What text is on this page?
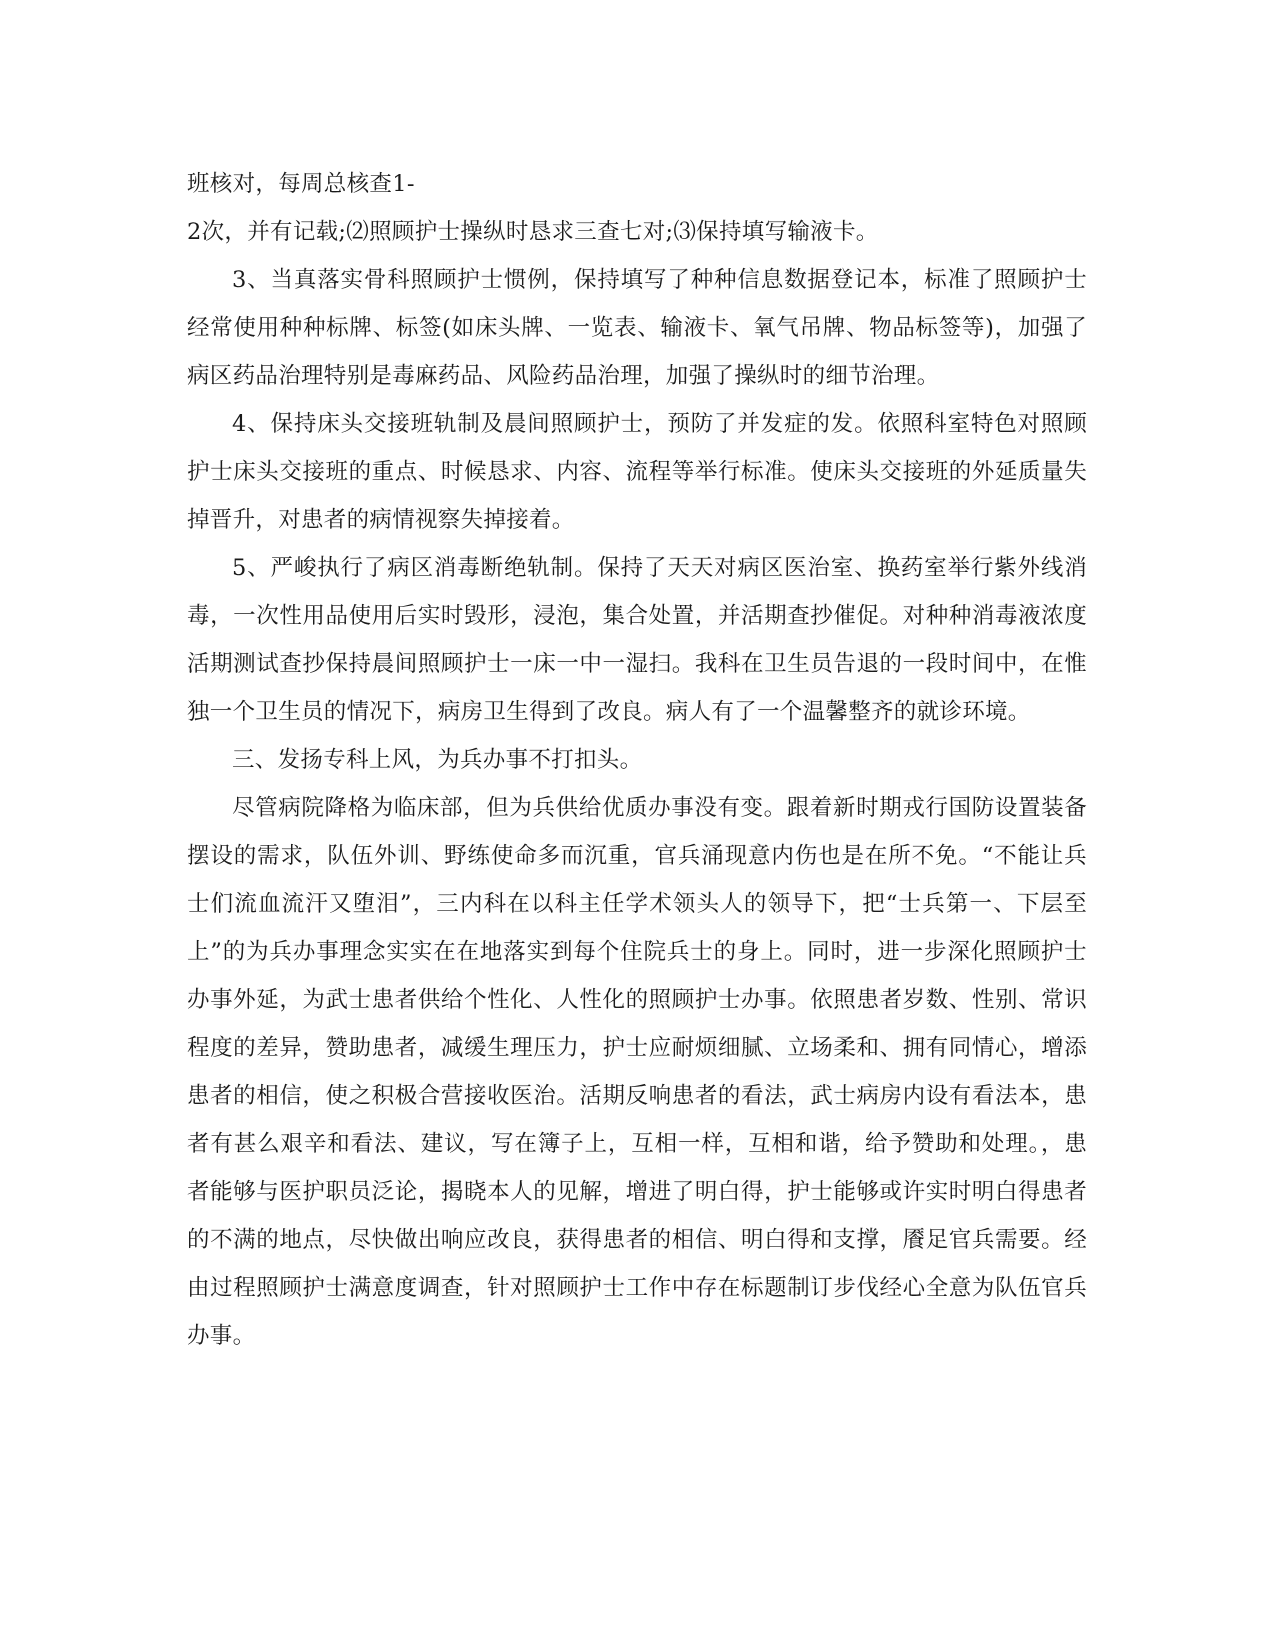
班核对，每周总核查1-

2次，并有记载;⑵照顾护士操纵时恳求三查七对;⑶保持填写输液卡。

3、当真落实骨科照顾护士惯例，保持填写了种种信息数据登记本，标准了照顾护士经常使用种种标牌、标签(如床头牌、一览表、输液卡、氧气吊牌、物品标签等)，加强了病区药品治理特别是毒麻药品、风险药品治理，加强了操纵时的细节治理。

4、保持床头交接班轨制及晨间照顾护士，预防了并发症的发。依照科室特色对照顾护士床头交接班的重点、时候恳求、内容、流程等举行标准。使床头交接班的外延质量失掉晋升，对患者的病情视察失掉接着。

5、严峻执行了病区消毒断绝轨制。保持了天天对病区医治室、换药室举行紫外线消毒，一次性用品使用后实时毁形，浸泡，集合处置，并活期查抄催促。对种种消毒液浓度活期测试查抄保持晨间照顾护士一床一中一湿扫。我科在卫生员告退的一段时间中，在惟独一个卫生员的情况下，病房卫生得到了改良。病人有了一个温馨整齐的就诊环境。

三、发扬专科上风，为兵办事不打扣头。

尽管病院降格为临床部，但为兵供给优质办事没有变。跟着新时期戎行国防设置装备摆设的需求，队伍外训、野练使命多而沉重，官兵涌现意内伤也是在所不免。“不能让兵士们流血流汗又堕泪”，三内科在以科主任学术领头人的领导下，把“士兵第一、下层至上”的为兵办事理念实实在在地落实到每个住院兵士的身上。同时，进一步深化照顾护士办事外延，为武士患者供给个性化、人性化的照顾护士办事。依照患者岁数、性别、常识程度的差异，赞助患者，减缓生理压力，护士应耐烦细腻、立场柔和、拥有同情心，增添患者的相信，使之积极合营接收医治。活期反响患者的看法，武士病房内设有看法本，患者有甚么艰辛和看法、建议，写在簿子上，互相一样，互相和谐，给予赞助和处理。，患者能够与医护职员泛论，揭晓本人的见解，增进了明白得，护士能够或许实时明白得患者的不满的地点，尽快做出响应改良，获得患者的相信、明白得和支撑，餍足官兵需要。经由过程照顾护士满意度调查，针对照顾护士工作中存在标题制订步伐经心全意为队伍官兵办事。
